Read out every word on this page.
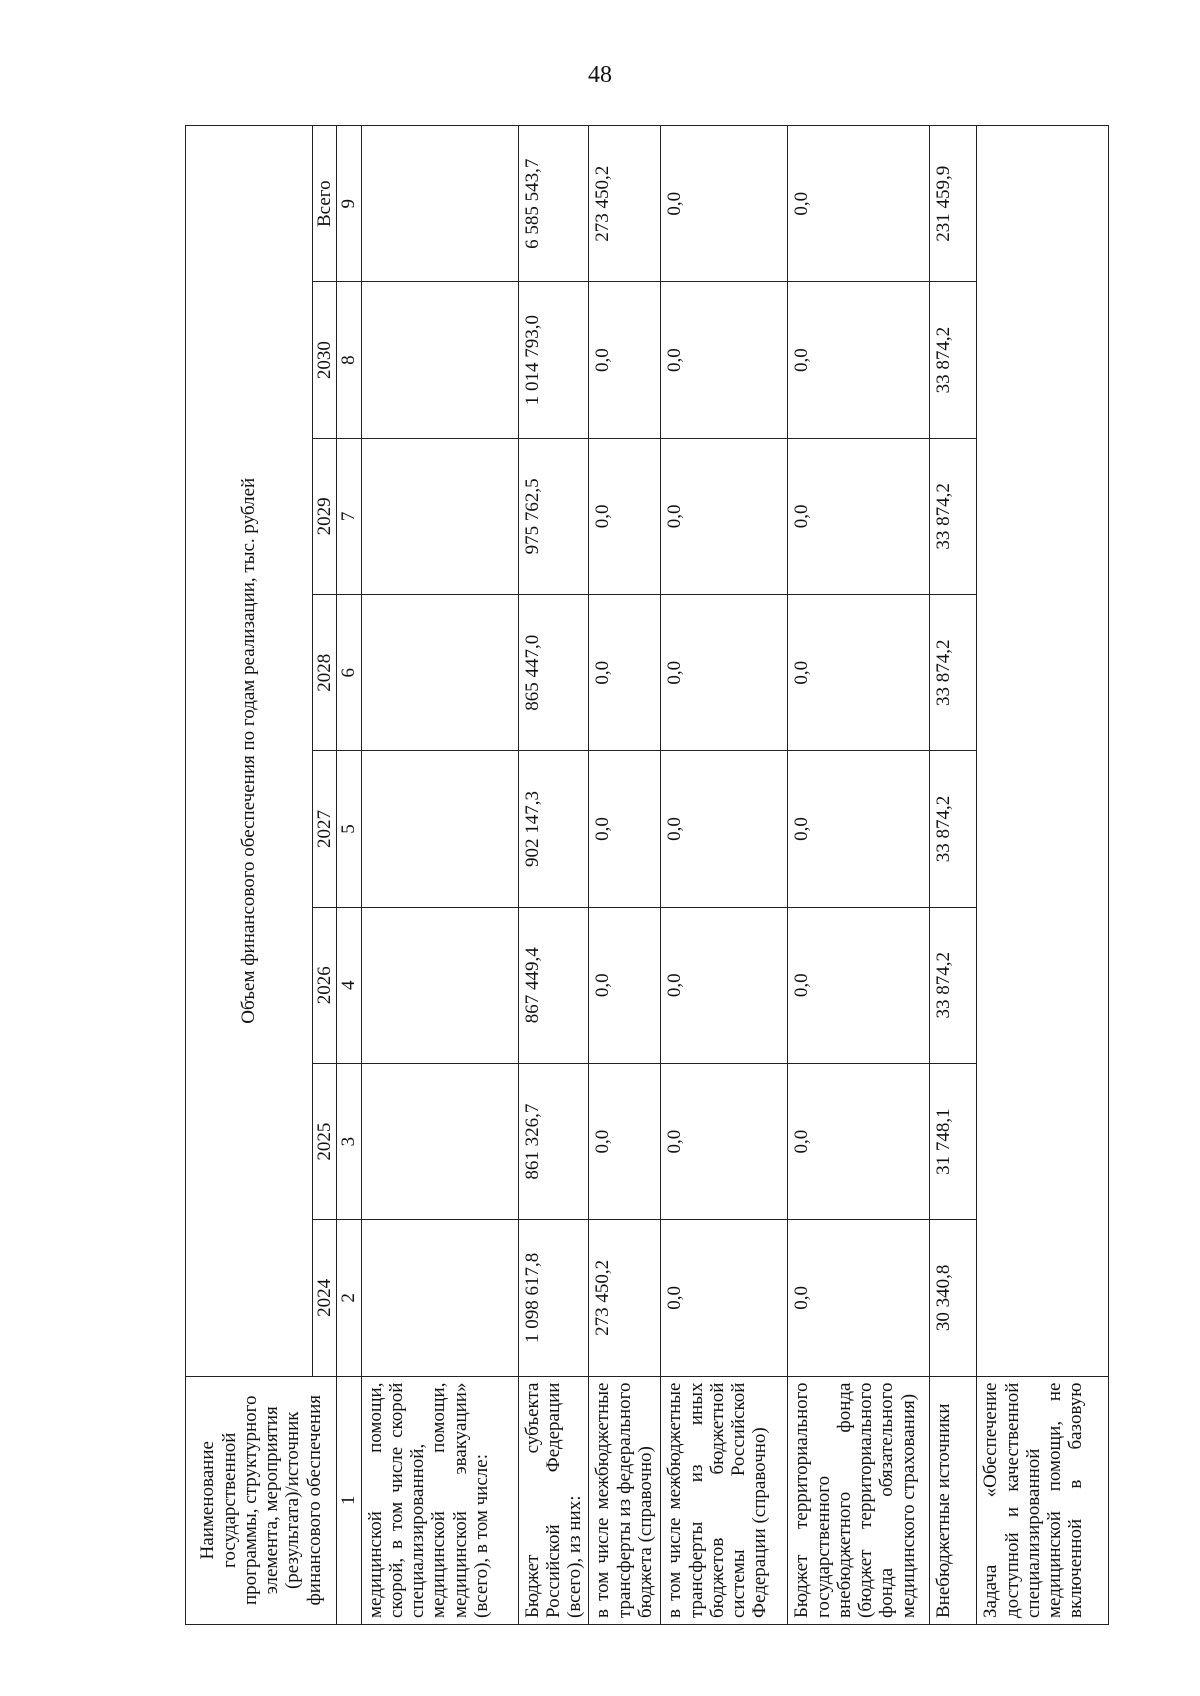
48
Наименование государственной программы, структурного элемента, мероприятия (результата)/источник финансового обеспечения	Объем финансового обеспечения по годам реализации, тыс. рублей							
	2024	2025	2026	2027	2028	2029	2030	Всего
1	2	3	4	5	6	7	8	9
медицинской помощи, скорой, в том числе скорой специализированной, медицинской помощи, медицинской эвакуации» (всего), в том числе:								
Бюджет субъекта Российской Федерации (всего), из них:	1 098 617,8	861 326,7	867 449,4	902 147,3	865 447,0	975 762,5	1 014 793,0	6 585 543,7
в том числе межбюджетные трансферты из федерального бюджета (справочно)	273 450,2	0,0	0,0	0,0	0,0	0,0	0,0	273 450,2
в том числе межбюджетные трансферты из иных бюджетов бюджетной системы Российской Федерации (справочно)	0,0	0,0	0,0	0,0	0,0	0,0	0,0	0,0
Бюджет территориального государственного внебюджетного фонда (бюджет территориального фонда обязательного медицинского страхования)	0,0	0,0	0,0	0,0	0,0	0,0	0,0	0,0
Внебюджетные источники	30 340,8	31 748,1	33 874,2	33 874,2	33 874,2	33 874,2	33 874,2	231 459,9
Задача «Обеспечение доступной и качественной специализированной медицинской помощи, не включенной в базовую								
